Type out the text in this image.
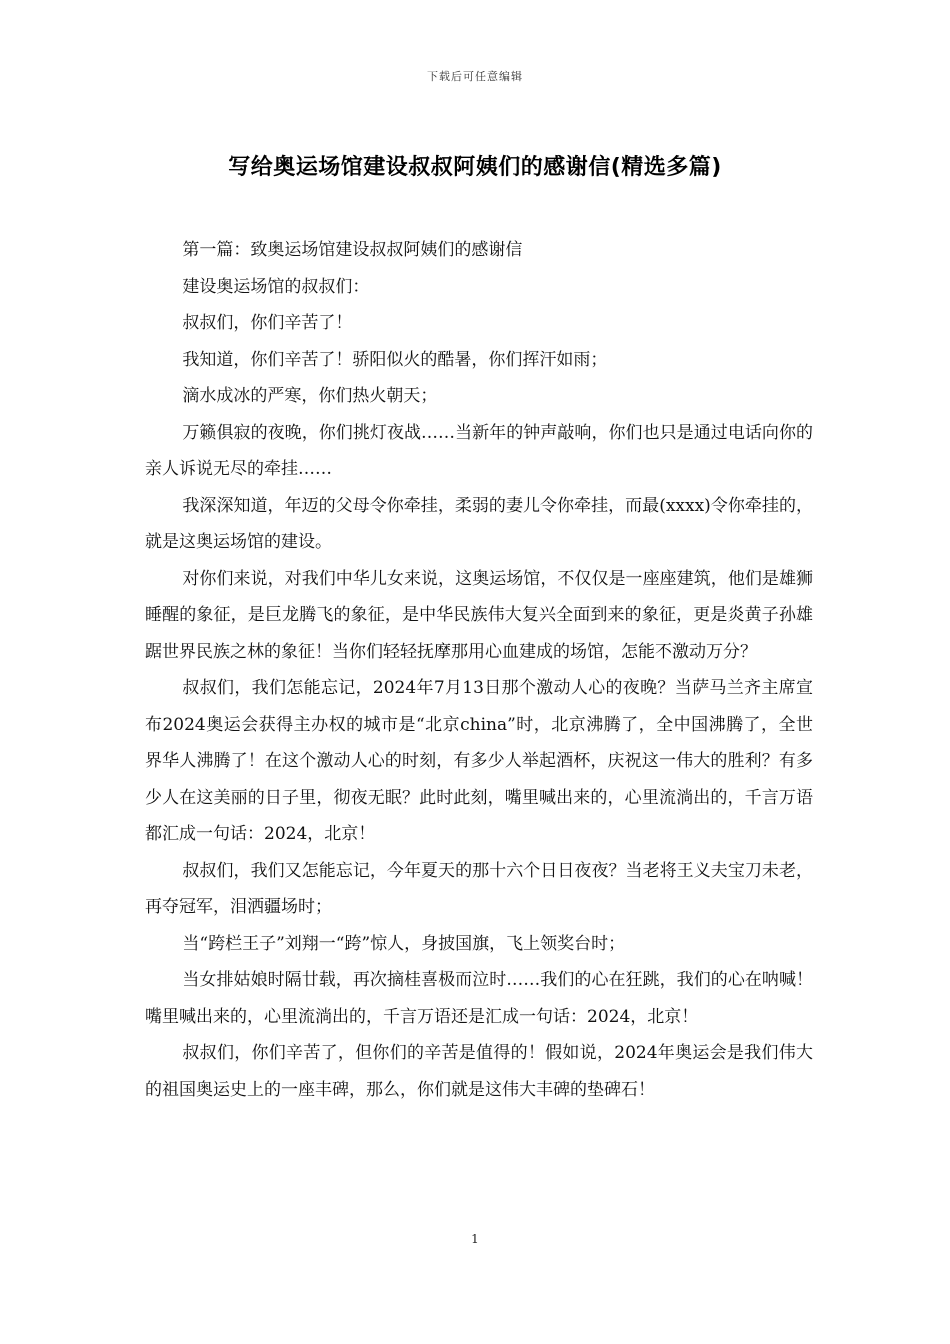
下载后可任意编辑
写给奥运场馆建设叔叔阿姨们的感谢信(精选多篇)

第一篇：致奥运场馆建设叔叔阿姨们的感谢信

建设奥运场馆的叔叔们：

叔叔们，你们辛苦了！

我知道，你们辛苦了！骄阳似火的酷暑，你们挥汗如雨；

滴水成冰的严寒，你们热火朝天；

万籁俱寂的夜晚，你们挑灯夜战……当新年的钟声敲响，你们也只是通过电话向你的亲人诉说无尽的牵挂……

我深深知道，年迈的父母令你牵挂，柔弱的妻儿令你牵挂，而最(xxxx)令你牵挂的，就是这奥运场馆的建设。

对你们来说，对我们中华儿女来说，这奥运场馆，不仅仅是一座座建筑，他们是雄狮睡醒的象征，是巨龙腾飞的象征，是中华民族伟大复兴全面到来的象征，更是炎黄子孙雄踞世界民族之林的象征！当你们轻轻抚摩那用心血建成的场馆，怎能不激动万分？

叔叔们，我们怎能忘记，2024年7月13日那个激动人心的夜晚？当萨马兰齐主席宣布2024奥运会获得主办权的城市是“北京china”时，北京沸腾了，全中国沸腾了，全世界华人沸腾了！在这个激动人心的时刻，有多少人举起酒杯，庆祝这一伟大的胜利？有多少人在这美丽的日子里，彻夜无眠？此时此刻，嘴里喊出来的，心里流淌出的，千言万语都汇成一句话：2024，北京！

叔叔们，我们又怎能忘记，今年夏天的那十六个日日夜夜？当老将王义夫宝刀未老，再夺冠军，泪洒疆场时；

当“跨栏王子”刘翔一“跨”惊人，身披国旗，飞上领奖台时；

当女排姑娘时隔廿载，再次摘桂喜极而泣时……我们的心在狂跳，我们的心在呐喊！嘴里喊出来的，心里流淌出的，千言万语还是汇成一句话：2024，北京！

叔叔们，你们辛苦了，但你们的辛苦是值得的！假如说，2024年奥运会是我们伟大的祖国奥运史上的一座丰碑，那么，你们就是这伟大丰碑的垫碑石！

1
